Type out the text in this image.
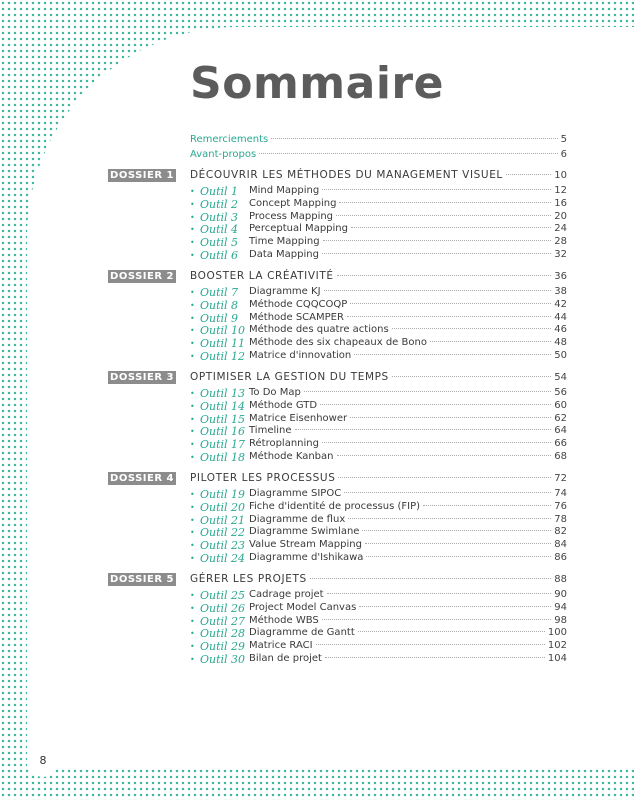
Sommaire
Remerciements	5
Avant-propos	6
DOSSIER 1 DÉCOUVRIR LES MÉTHODES DU MANAGEMENT VISUEL	10
• Outil 1 Mind Mapping	12
• Outil 2 Concept Mapping	16
• Outil 3 Process Mapping	20
• Outil 4 Perceptual Mapping	24
• Outil 5 Time Mapping	28
• Outil 6 Data Mapping	32
DOSSIER 2 BOOSTER LA CRÉATIVITÉ	36
• Outil 7 Diagramme KJ	38
• Outil 8 Méthode CQQCOQP	42
• Outil 9 Méthode SCAMPER	44
• Outil 10 Méthode des quatre actions	46
• Outil 11 Méthode des six chapeaux de Bono	48
• Outil 12 Matrice d'innovation	50
DOSSIER 3 OPTIMISER LA GESTION DU TEMPS	54
• Outil 13 To Do Map	56
• Outil 14 Méthode GTD	60
• Outil 15 Matrice Eisenhower	62
• Outil 16 Timeline	64
• Outil 17 Rétroplanning	66
• Outil 18 Méthode Kanban	68
DOSSIER 4 PILOTER LES PROCESSUS	72
• Outil 19 Diagramme SIPOC	74
• Outil 20 Fiche d'identité de processus (FIP)	76
• Outil 21 Diagramme de flux	78
• Outil 22 Diagramme Swimlane	82
• Outil 23 Value Stream Mapping	84
• Outil 24 Diagramme d'Ishikawa	86
DOSSIER 5 GÉRER LES PROJETS	88
• Outil 25 Cadrage projet	90
• Outil 26 Project Model Canvas	94
• Outil 27 Méthode WBS	98
• Outil 28 Diagramme de Gantt	100
• Outil 29 Matrice RACI	102
• Outil 30 Bilan de projet	104
8
